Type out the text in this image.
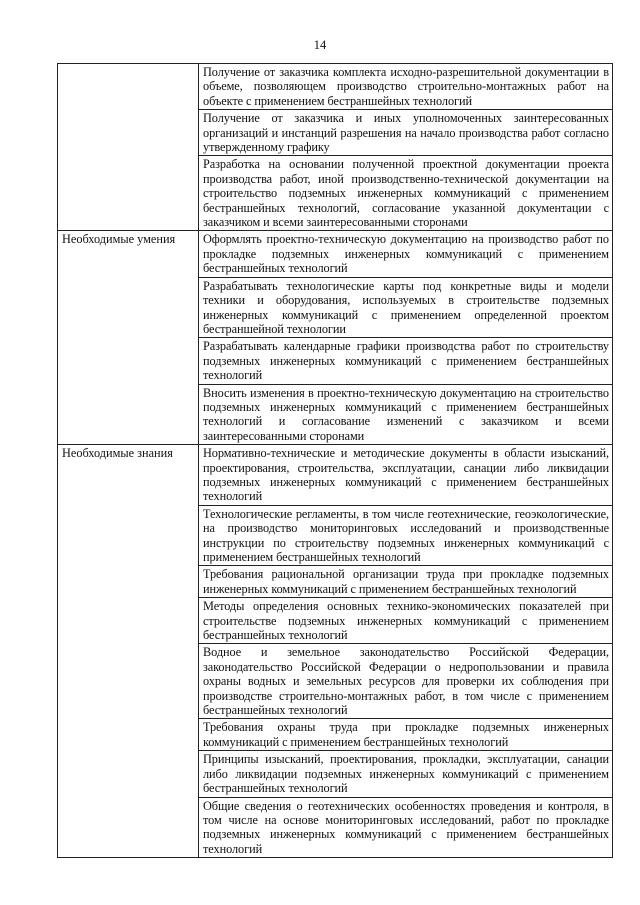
14
	Получение от заказчика комплекта исходно-разрешительной документации в объеме, позволяющем производство строительно-монтажных работ на объекте с применением бестраншейных технологий
	Получение от заказчика и иных уполномоченных заинтересованных организаций и инстанций разрешения на начало производства работ согласно утвержденному графику
	Разработка на основании полученной проектной документации проекта производства работ, иной производственно-технической документации на строительство подземных инженерных коммуникаций с применением бестраншейных технологий, согласование указанной документации с заказчиком и всеми заинтересованными сторонами
Необходимые умения	Оформлять проектно-техническую документацию на производство работ по прокладке подземных инженерных коммуникаций с применением бестраншейных технологий
	Разрабатывать технологические карты под конкретные виды и модели техники и оборудования, используемых в строительстве подземных инженерных коммуникаций с применением определенной проектом бестраншейной технологии
	Разрабатывать календарные графики производства работ по строительству подземных инженерных коммуникаций с применением бестраншейных технологий
	Вносить изменения в проектно-техническую документацию на строительство подземных инженерных коммуникаций с применением бестраншейных технологий и согласование изменений с заказчиком и всеми заинтересованными сторонами
Необходимые знания	Нормативно-технические и методические документы в области изысканий, проектирования, строительства, эксплуатации, санации либо ликвидации подземных инженерных коммуникаций с применением бестраншейных технологий
	Технологические регламенты, в том числе геотехнические, геоэкологические, на производство мониторинговых исследований и производственные инструкции по строительству подземных инженерных коммуникаций с применением бестраншейных технологий
	Требования рациональной организации труда при прокладке подземных инженерных коммуникаций с применением бестраншейных технологий
	Методы определения основных технико-экономических показателей при строительстве подземных инженерных коммуникаций с применением бестраншейных технологий
	Водное и земельное законодательство Российской Федерации, законодательство Российской Федерации о недропользовании и правила охраны водных и земельных ресурсов для проверки их соблюдения при производстве строительно-монтажных работ, в том числе с применением бестраншейных технологий
	Требования охраны труда при прокладке подземных инженерных коммуникаций с применением бестраншейных технологий
	Принципы изысканий, проектирования, прокладки, эксплуатации, санации либо ликвидации подземных инженерных коммуникаций с применением бестраншейных технологий
	Общие сведения о геотехнических особенностях проведения и контроля, в том числе на основе мониторинговых исследований, работ по прокладке подземных инженерных коммуникаций с применением бестраншейных технологий
